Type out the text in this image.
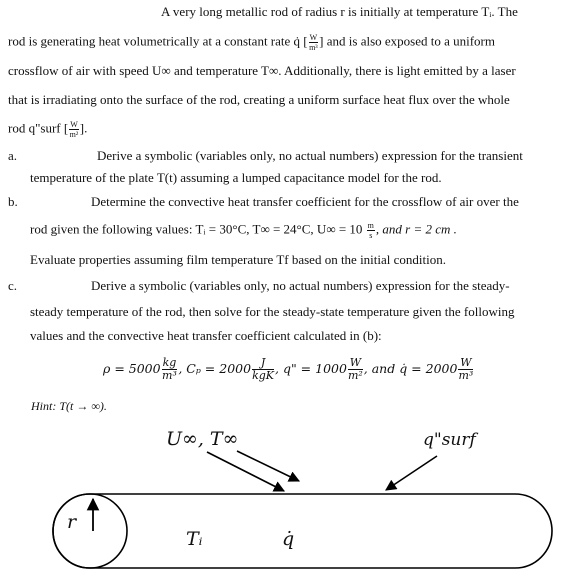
A very long metallic rod of radius r is initially at temperature Tᵢ. The
rod is generating heat volumetrically at a constant rate q̇ [ $\frac{W}{\text{m³}}$ ] and is also exposed to a uniform
crossflow of air with speed U∞ and temperature T∞. Additionally, there is light emitted by a laser
that is irradiating onto the surface of the rod, creating a uniform surface heat flux over the whole
rod q"surf [ $\frac{W}{\text{m²}}$ ].
a.	Derive a symbolic (variables only, no actual numbers) expression for the transient
temperature of the plate T(t) assuming a lumped capacitance model for the rod.
b.	Determine the convective heat transfer coefficient for the crossflow of air over the
rod given the following values: Tᵢ = 30°C, T∞ = 24°C, $U\infty = 10 \frac{m}{s}$ , and r = 2 cm .
Evaluate properties assuming film temperature Tf based on the initial condition.
c.	Derive a symbolic (variables only, no actual numbers) expression for the steady-
steady temperature of the rod, then solve for the steady-state temperature given the following
values and the convective heat transfer coefficient calculated in (b):
$\rho = 5000 \frac{kg}{\text{m³}}$ , Cₚ = 2000 J
kgK , q" = $1000 \frac{W}{\text{m²}}$ , and q̇ = $2000 \frac{W}{\text{m³}}$
Hint: T(t → ∞).
U∞, T∞	q"surf
r
Tᵢ	q̇
